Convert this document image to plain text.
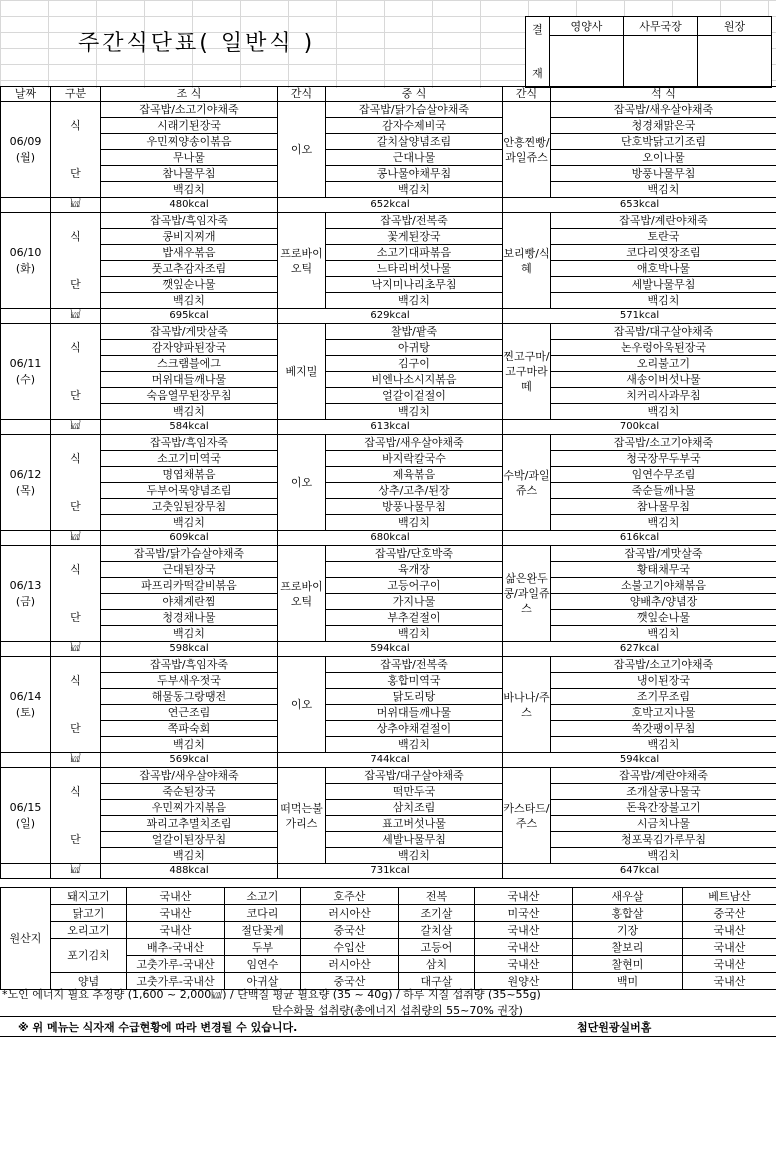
주간식단표( 일반식 )
결

재	영양사	사무국장	원장

날짜	구분	조 식	간식	중 식	간식	석 식

06/09
(월)		잡곡밥/소고기야채죽	이오	잡곡밥/닭가슴살야채죽	안흥찐빵/과일쥬스	잡곡밥/새우살야채죽
	식	시래기된장국		감자수제비국		청경채맑은국
		우민찌양송이볶음		갈치살양념조림		단호박닭고기조림
		무나물		근대나물		오이나물
	단	참나물무침		콩나물야채무침		방풍나물무침
		백김치		백김치		백김치
	㎉	480kcal	652kcal		653kcal	

06/10
(화)		잡곡밥/흑임자죽	프로바이오틱	잡곡밥/전복죽	보리빵/식혜	잡곡밥/계란야채죽
	식	콩비지찌개		꽃게된장국		토란국
		밥새우볶음		소고기대파볶음		코다리엿장조림
		풋고추감자조림		느타리버섯나물		애호박나물
	단	깻잎순나물		낙지미나리초무침		세발나물무침
		백김치		백김치		백김치
	㎉	695kcal	629kcal		571kcal	

06/11
(수)		잡곡밥/게맛살죽	베지밀	찰밥/팥죽	찐고구마/고구마라떼	잡곡밥/대구살야채죽
	식	감자양파된장국		아귀탕		논우렁아욱된장국
		스크램블에그		김구이		오리불고기
		머위대들깨나물		비엔나소시지볶음		새송이버섯나물
	단	숙음열무된장무침		얼갈이겉절이		치커리사과무침
		백김치		백김치		백김치
	㎉	584kcal	613kcal		700kcal	

06/12
(목)		잡곡밥/흑임자죽	이오	잡곡밥/새우살야채죽	수박/과일쥬스	잡곡밥/소고기야채죽
	식	소고기미역국		바지락칼국수		청국장무두부국
		명엽채볶음		제육볶음		임연수무조림
		두부어묵양념조림		상추/고추/된장		죽순들깨나물
	단	고춧잎된장무침		방풍나물무침		참나물무침
		백김치		백김치		백김치
	㎉	609kcal	680kcal		616kcal	

06/13
(금)		잡곡밥/닭가슴살야채죽	프로바이오틱	잡곡밥/단호박죽	삶은완두콩/과일쥬스	잡곡밥/게맛살죽
	식	근대된장국		육개장		황태채무국
		파프리카떡갈비볶음		고등어구이		소불고기야채볶음
		야채계란찜		가지나물		양배추/양념장
	단	청경채나물		부추겉절이		깻잎순나물
		백김치		백김치		백김치
	㎉	598kcal	594kcal		627kcal	

06/14
(토)		잡곡밥/흑임자죽	이오	잡곡밥/전복죽	바나나/주스	잡곡밥/소고기야채죽
	식	두부새우젓국		홍합미역국		냉이된장국
		해물동그랑땡전		닭도리탕		조기무조림
		연근조림		머위대들깨나물		호박고지나물
	단	쪽파숙회		상추야채겉절이		쑥갓팽이무침
		백김치		백김치		백김치
	㎉	569kcal	744kcal		594kcal	

06/15
(일)		잡곡밥/새우살야채죽	떠먹는불가리스	잡곡밥/대구살야채죽	카스타드/주스	잡곡밥/계란야채죽
	식	죽순된장국		떡만두국		조개살콩나물국
		우민찌가지볶음		삼치조림		돈육간장불고기
		꽈리고추멸치조림		표고버섯나물		시금치나물
	단	얼갈이된장무침		세발나물무침		청포묵김가루무침
		백김치		백김치		백김치
	㎉	488kcal	731kcal		647kcal	
원산지	돼지고기	국내산	소고기	호주산	전복	국내산	새우살	베트남산
	닭고기	국내산	코다리	러시아산	조기살	미국산	홍합살	중국산
	오리고기	국내산	절단꽃게	중국산	갈치살	국내산	기장	국내산
	포기김치	배추-국내산	두부	수입산	고등어	국내산	찰보리	국내산
		고춧가루-국내산	임연수	러시아산	삼치	국내산	찰현미	국내산
	양념	고춧가루-국내산	아귀살	중국산	대구살	원양산	백미	국내산
*노인 에너지 필요 추정량 (1,600 ~ 2,000㎉) / 단백질 평균 필요량 (35 ~ 40g) / 하루 지질 섭취량 (35~55g)
탄수화물 섭취량(총에너지 섭취량의 55~70% 권장)
※ 위 메뉴는 식자재 수급현황에 따라 변경될 수 있습니다.	첨단원광실버홈
